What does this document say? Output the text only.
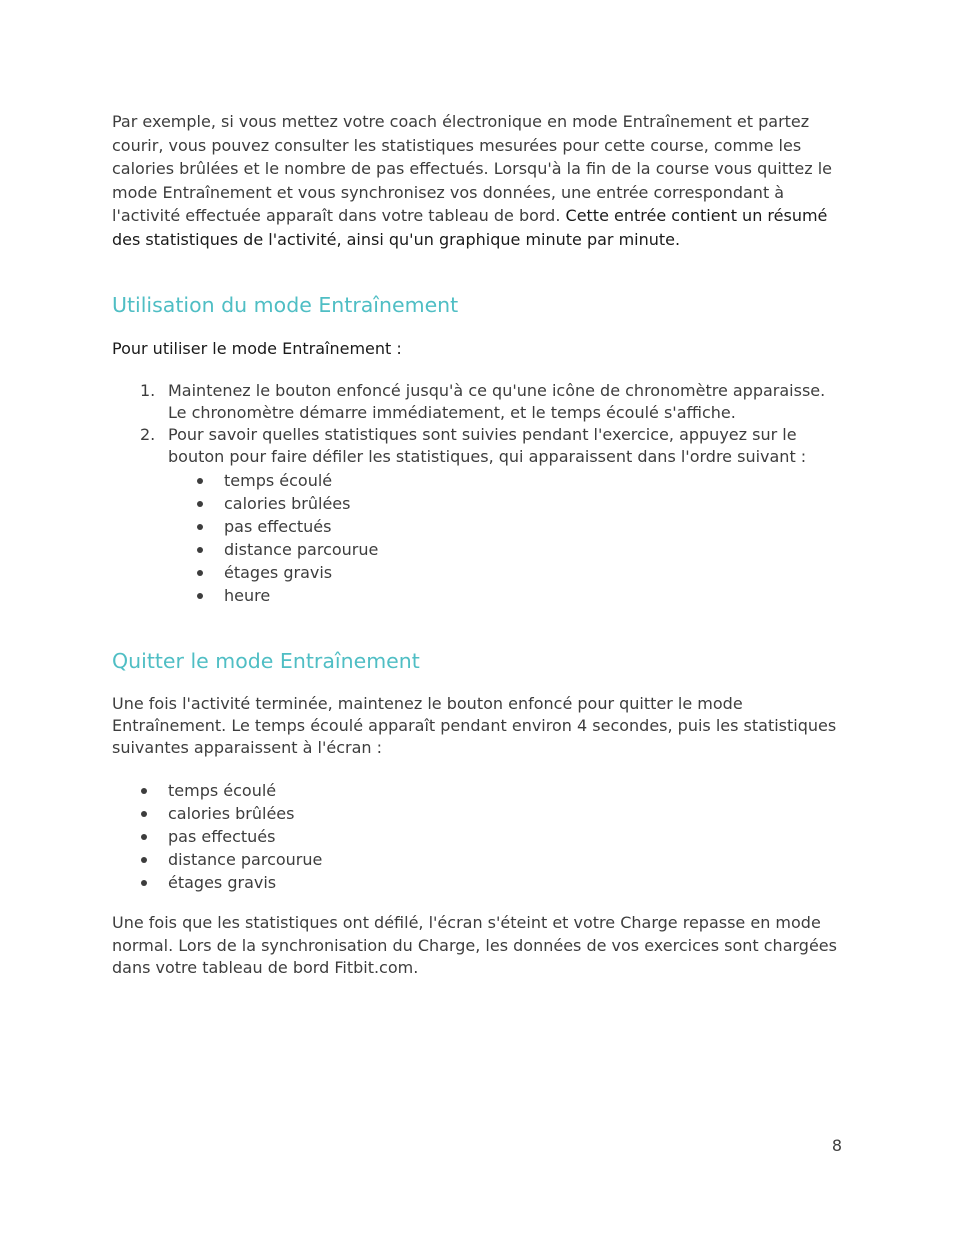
Par exemple, si vous mettez votre coach électronique en mode Entraînement et partez courir, vous pouvez consulter les statistiques mesurées pour cette course, comme les calories brûlées et le nombre de pas effectués. Lorsqu'à la fin de la course vous quittez le mode Entraînement et vous synchronisez vos données, une entrée correspondant à l'activité effectuée apparaît dans votre tableau de bord. Cette entrée contient un résumé des statistiques de l'activité, ainsi qu'un graphique minute par minute.

Utilisation du mode Entraînement

Pour utiliser le mode Entraînement :

1. Maintenez le bouton enfoncé jusqu'à ce qu'une icône de chronomètre apparaisse. Le chronomètre démarre immédiatement, et le temps écoulé s'affiche.
2. Pour savoir quelles statistiques sont suivies pendant l'exercice, appuyez sur le bouton pour faire défiler les statistiques, qui apparaissent dans l'ordre suivant :
temps écoulé
calories brûlées
pas effectués
distance parcourue
étages gravis
heure
Quitter le mode Entraînement

Une fois l'activité terminée, maintenez le bouton enfoncé pour quitter le mode Entraînement. Le temps écoulé apparaît pendant environ 4 secondes, puis les statistiques suivantes apparaissent à l'écran :

temps écoulé
calories brûlées
pas effectués
distance parcourue
étages gravis

Une fois que les statistiques ont défilé, l'écran s'éteint et votre Charge repasse en mode normal. Lors de la synchronisation du Charge, les données de vos exercices sont chargées dans votre tableau de bord Fitbit.com.

8
